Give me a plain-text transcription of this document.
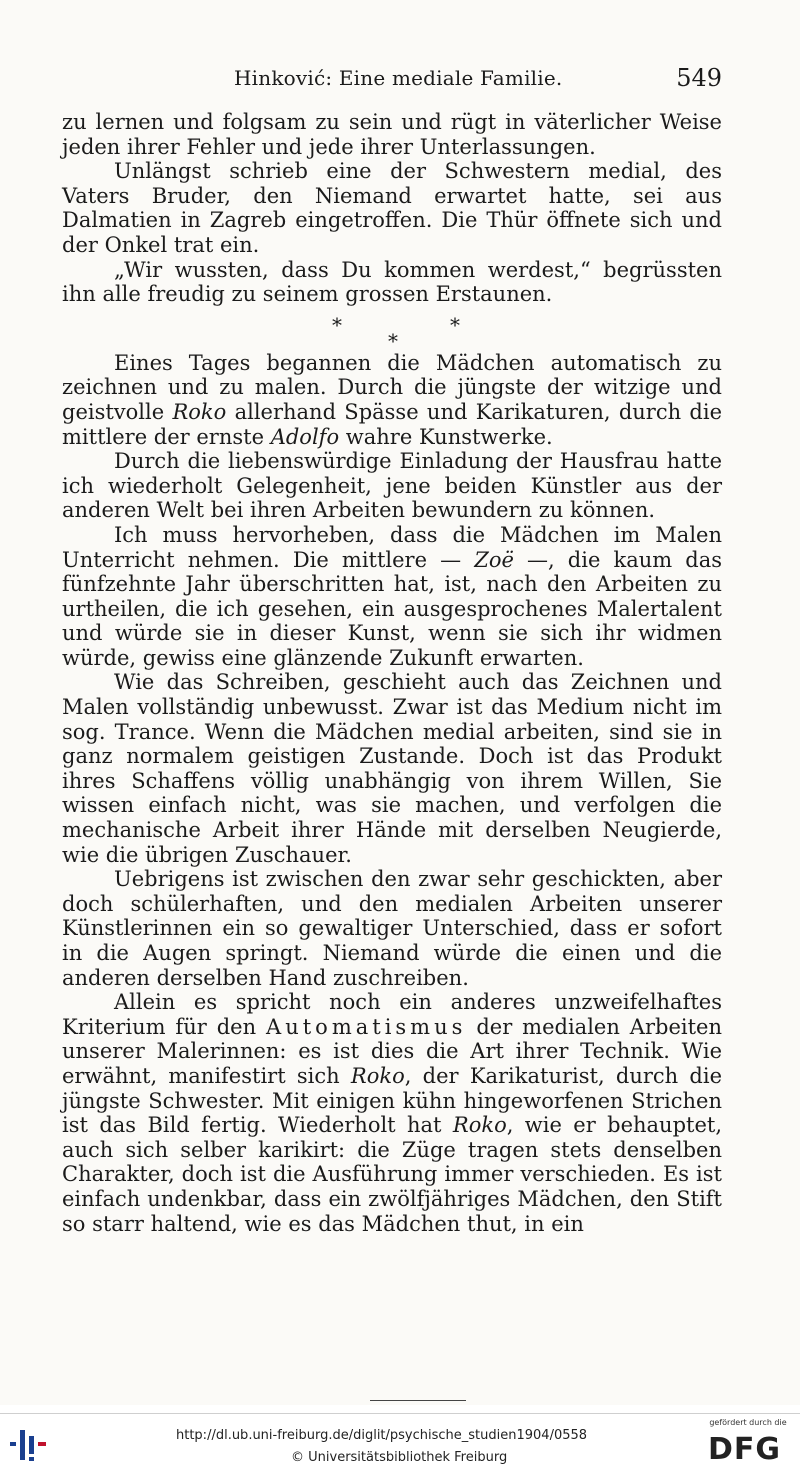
Hinković: Eine mediale Familie.	549

zu lernen und folgsam zu sein und rügt in väterlicher Weise jeden ihrer Fehler und jede ihrer Unterlassungen.

Unlängst schrieb eine der Schwestern medial, des Vaters Bruder, den Niemand erwartet hatte, sei aus Dalmatien in Zagreb eingetroffen. Die Thür öffnete sich und der Onkel trat ein.

„Wir wussten, dass Du kommen werdest,“ begrüssten ihn alle freudig zu seinem grossen Erstaunen.

*	*
*

Eines Tages begannen die Mädchen automatisch zu zeichnen und zu malen. Durch die jüngste der witzige und geistvolle Roko allerhand Spässe und Karikaturen, durch die mittlere der ernste Adolfo wahre Kunstwerke.

Durch die liebenswürdige Einladung der Hausfrau hatte ich wiederholt Gelegenheit, jene beiden Künstler aus der anderen Welt bei ihren Arbeiten bewundern zu können.

Ich muss hervorheben, dass die Mädchen im Malen Unterricht nehmen. Die mittlere — Zoë —, die kaum das fünfzehnte Jahr überschritten hat, ist, nach den Arbeiten zu urtheilen, die ich gesehen, ein ausgesprochenes Malertalent und würde sie in dieser Kunst, wenn sie sich ihr widmen würde, gewiss eine glänzende Zukunft erwarten.

Wie das Schreiben, geschieht auch das Zeichnen und Malen vollständig unbewusst. Zwar ist das Medium nicht im sog. Trance. Wenn die Mädchen medial arbeiten, sind sie in ganz normalem geistigen Zustande. Doch ist das Produkt ihres Schaffens völlig unabhängig von ihrem Willen, Sie wissen einfach nicht, was sie machen, und verfolgen die mechanische Arbeit ihrer Hände mit derselben Neugierde, wie die übrigen Zuschauer.

Uebrigens ist zwischen den zwar sehr geschickten, aber doch schülerhaften, und den medialen Arbeiten unserer Künstlerinnen ein so gewaltiger Unterschied, dass er sofort in die Augen springt. Niemand würde die einen und die anderen derselben Hand zuschreiben.

Allein es spricht noch ein anderes unzweifelhaftes Kriterium für den Automatismus der medialen Arbeiten unserer Malerinnen: es ist dies die Art ihrer Technik. Wie erwähnt, manifestirt sich Roko, der Karikaturist, durch die jüngste Schwester. Mit einigen kühn hingeworfenen Strichen ist das Bild fertig. Wiederholt hat Roko, wie er behauptet, auch sich selber karikirt: die Züge tragen stets denselben Charakter, doch ist die Ausführung immer verschieden. Es ist einfach undenkbar, dass ein zwölfjähriges Mädchen, den Stift so starr haltend, wie es das Mädchen thut, in ein

http://dl.ub.uni-freiburg.de/diglit/psychische_studien1904/0558
© Universitätsbibliothek Freiburg
gefördert durch die
DFG
